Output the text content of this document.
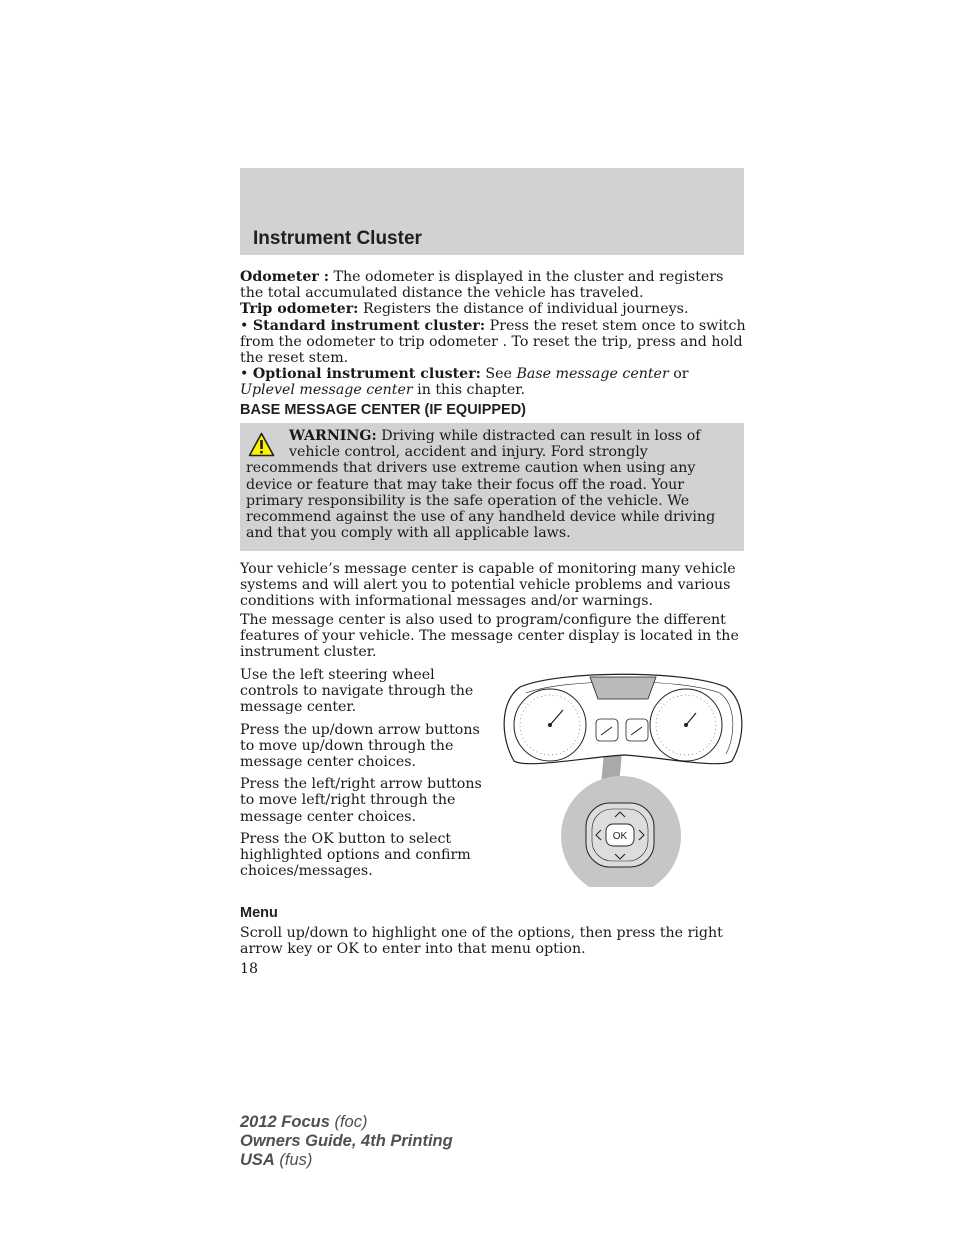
Instrument Cluster

Odometer : The odometer is displayed in the cluster and registers the total accumulated distance the vehicle has traveled.

Trip odometer: Registers the distance of individual journeys.

• Standard instrument cluster: Press the reset stem once to switch from the odometer to trip odometer . To reset the trip, press and hold the reset stem.

• Optional instrument cluster: See Base message center or Uplevel message center in this chapter.

BASE MESSAGE CENTER (IF EQUIPPED)

WARNING: Driving while distracted can result in loss of vehicle control, accident and injury. Ford strongly recommends that drivers use extreme caution when using any device or feature that may take their focus off the road. Your primary responsibility is the safe operation of the vehicle. We recommend against the use of any handheld device while driving and that you comply with all applicable laws.

Your vehicle’s message center is capable of monitoring many vehicle systems and will alert you to potential vehicle problems and various conditions with informational messages and/or warnings.

The message center is also used to program/configure the different features of your vehicle. The message center display is located in the instrument cluster.

Use the left steering wheel controls to navigate through the message center.

Press the up/down arrow buttons to move up/down through the message center choices.

Press the left/right arrow buttons to move left/right through the message center choices.

Press the OK button to select highlighted options and confirm choices/messages.

OK
Menu

Scroll up/down to highlight one of the options, then press the right arrow key or OK to enter into that menu option.

18

2012 Focus (foc)
Owners Guide, 4th Printing
USA (fus)
